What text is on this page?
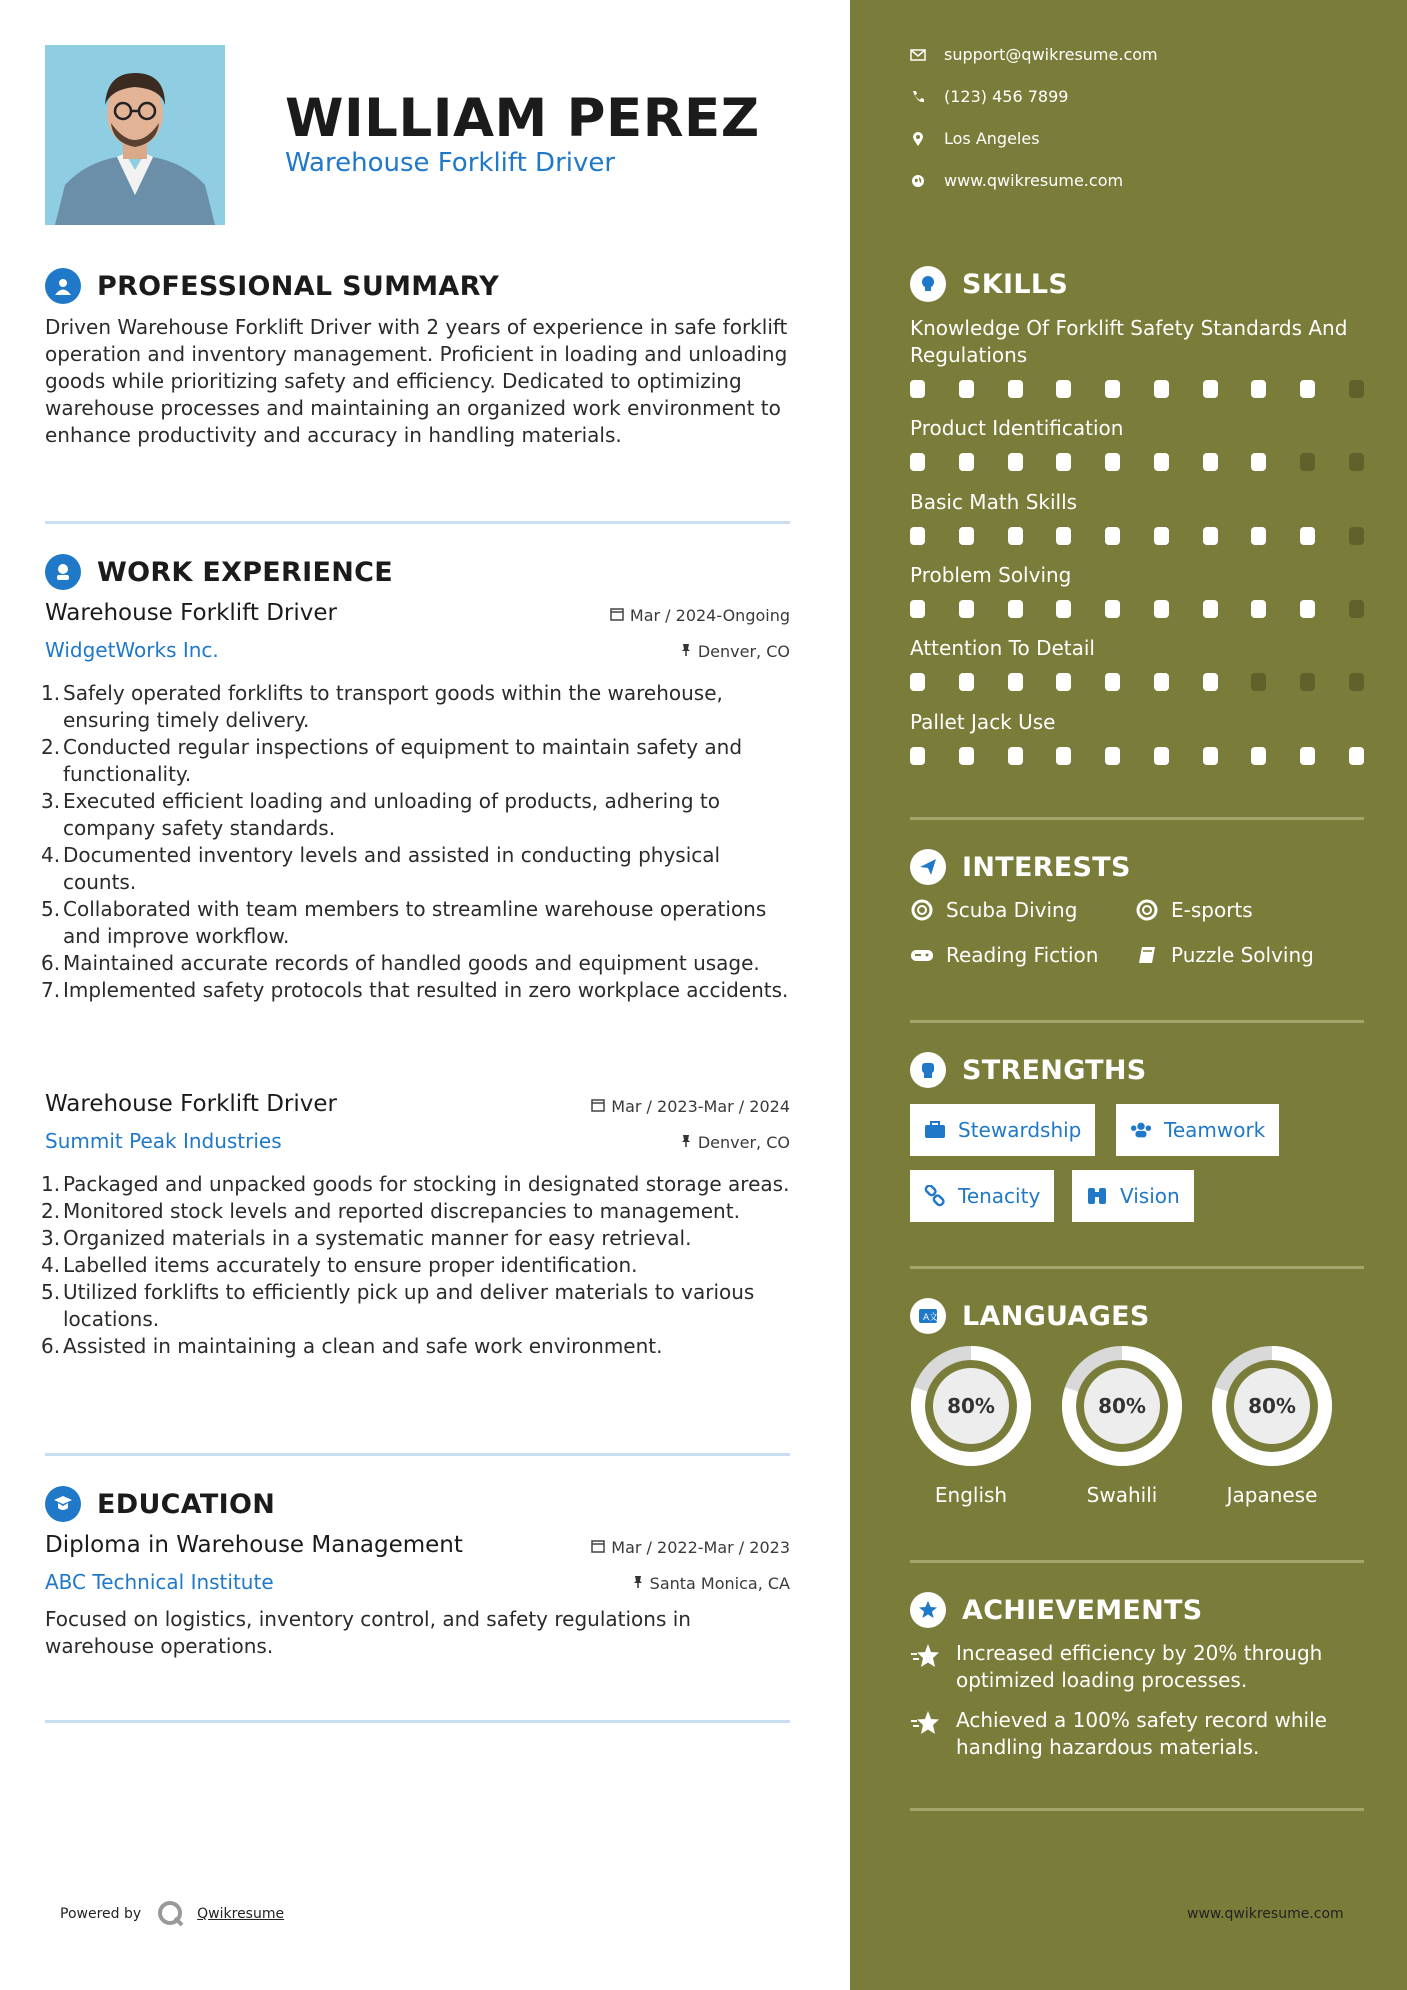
WILLIAM PEREZ
Warehouse Forklift Driver
PROFESSIONAL SUMMARY
Driven Warehouse Forklift Driver with 2 years of experience in safe forklift operation and inventory management. Proficient in loading and unloading goods while prioritizing safety and efficiency. Dedicated to optimizing warehouse processes and maintaining an organized work environment to enhance productivity and accuracy in handling materials.
WORK EXPERIENCE
Warehouse Forklift Driver	Mar / 2024-Ongoing
WidgetWorks Inc.	Denver, CO
1. Safely operated forklifts to transport goods within the warehouse, ensuring timely delivery.
2. Conducted regular inspections of equipment to maintain safety and functionality.
3. Executed efficient loading and unloading of products, adhering to company safety standards.
4. Documented inventory levels and assisted in conducting physical counts.
5. Collaborated with team members to streamline warehouse operations and improve workflow.
6. Maintained accurate records of handled goods and equipment usage.
7. Implemented safety protocols that resulted in zero workplace accidents.
Warehouse Forklift Driver	Mar / 2023-Mar / 2024
Summit Peak Industries	Denver, CO
1. Packaged and unpacked goods for stocking in designated storage areas.
2. Monitored stock levels and reported discrepancies to management.
3. Organized materials in a systematic manner for easy retrieval.
4. Labelled items accurately to ensure proper identification.
5. Utilized forklifts to efficiently pick up and deliver materials to various locations.
6. Assisted in maintaining a clean and safe work environment.
EDUCATION
Diploma in Warehouse Management	Mar / 2022-Mar / 2023
ABC Technical Institute	Santa Monica, CA
Focused on logistics, inventory control, and safety regulations in warehouse operations.
Powered by	Qwikresume
support@qwikresume.com
(123) 456 7899
Los Angeles
www.qwikresume.com
SKILLS
Knowledge Of Forklift Safety Standards And Regulations
Product Identification
Basic Math Skills
Problem Solving
Attention To Detail
Pallet Jack Use
INTERESTS
Scuba Diving	E-sports
Reading Fiction	Puzzle Solving
STRENGTHS
Stewardship	Teamwork
Tenacity	Vision
A 文 LANGUAGES
80%
English
80%
Swahili
80%
Japanese
ACHIEVEMENTS
Increased efficiency by 20% through optimized loading processes.
Achieved a 100% safety record while handling hazardous materials.
www.qwikresume.com
